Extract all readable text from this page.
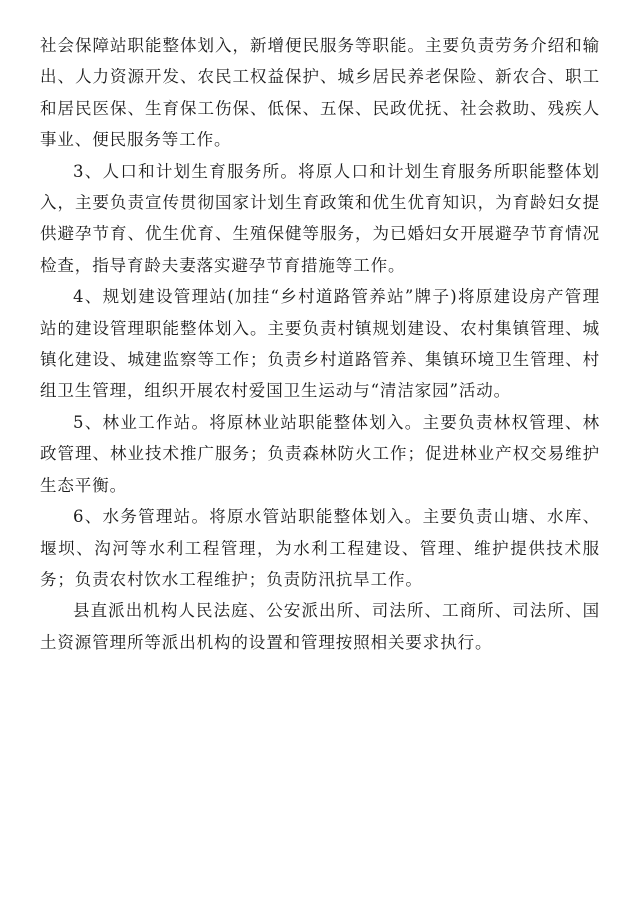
社会保障站职能整体划入，新增便民服务等职能。主要负责劳务介绍和输出、人力资源开发、农民工权益保护、城乡居民养老保险、新农合、职工和居民医保、生育保工伤保、低保、五保、民政优抚、社会救助、残疾人事业、便民服务等工作。

3、人口和计划生育服务所。将原人口和计划生育服务所职能整体划入，主要负责宣传贯彻国家计划生育政策和优生优育知识，为育龄妇女提供避孕节育、优生优育、生殖保健等服务，为已婚妇女开展避孕节育情况检查，指导育龄夫妻落实避孕节育措施等工作。

4、规划建设管理站(加挂“乡村道路管养站”牌子)将原建设房产管理站的建设管理职能整体划入。主要负责村镇规划建设、农村集镇管理、城镇化建设、城建监察等工作；负责乡村道路管养、集镇环境卫生管理、村组卫生管理，组织开展农村爱国卫生运动与“清洁家园”活动。

5、林业工作站。将原林业站职能整体划入。主要负责林权管理、林政管理、林业技术推广服务；负责森林防火工作；促进林业产权交易维护生态平衡。

6、水务管理站。将原水管站职能整体划入。主要负责山塘、水库、堰坝、沟河等水利工程管理，为水利工程建设、管理、维护提供技术服务；负责农村饮水工程维护；负责防汛抗旱工作。

县直派出机构人民法庭、公安派出所、司法所、工商所、司法所、国土资源管理所等派出机构的设置和管理按照相关要求执行。
